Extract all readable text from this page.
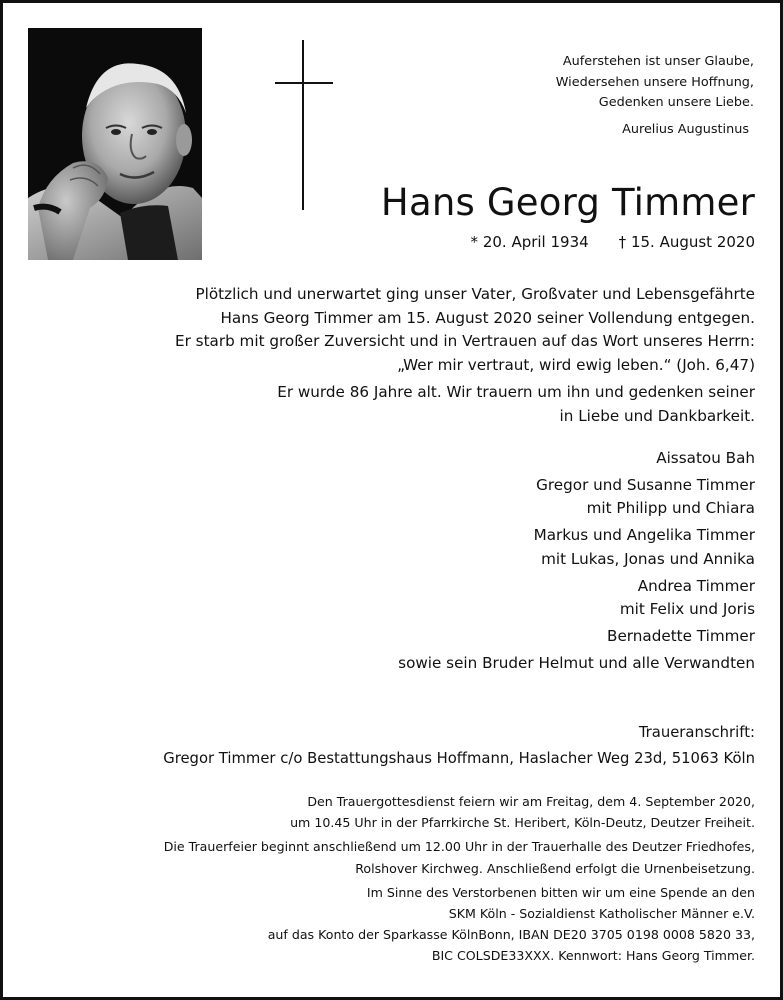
Auferstehen ist unser Glaube,
Wiedersehen unsere Hoffnung,
Gedenken unsere Liebe.
Aurelius Augustinus
Hans Georg Timmer
* 20. April 1934 † 15. August 2020
Plötzlich und unerwartet ging unser Vater, Großvater und Lebensgefährte
Hans Georg Timmer am 15. August 2020 seiner Vollendung entgegen.
Er starb mit großer Zuversicht und in Vertrauen auf das Wort unseres Herrn:
„Wer mir vertraut, wird ewig leben.“ (Joh. 6,47)
Er wurde 86 Jahre alt. Wir trauern um ihn und gedenken seiner
in Liebe und Dankbarkeit.
Aissatou Bah
Gregor und Susanne Timmer
mit Philipp und Chiara
Markus und Angelika Timmer
mit Lukas, Jonas und Annika
Andrea Timmer
mit Felix und Joris
Bernadette Timmer
sowie sein Bruder Helmut und alle Verwandten
Traueranschrift:
Gregor Timmer c/o Bestattungshaus Hoffmann, Haslacher Weg 23d, 51063 Köln
Den Trauergottesdienst feiern wir am Freitag, dem 4. September 2020,
um 10.45 Uhr in der Pfarrkirche St. Heribert, Köln-Deutz, Deutzer Freiheit.
Die Trauerfeier beginnt anschließend um 12.00 Uhr in der Trauerhalle des Deutzer Friedhofes,
Rolshover Kirchweg. Anschließend erfolgt die Urnenbeisetzung.
Im Sinne des Verstorbenen bitten wir um eine Spende an den
SKM Köln - Sozialdienst Katholischer Männer e.V.
auf das Konto der Sparkasse KölnBonn, IBAN DE20 3705 0198 0008 5820 33,
BIC COLSDE33XXX. Kennwort: Hans Georg Timmer.
